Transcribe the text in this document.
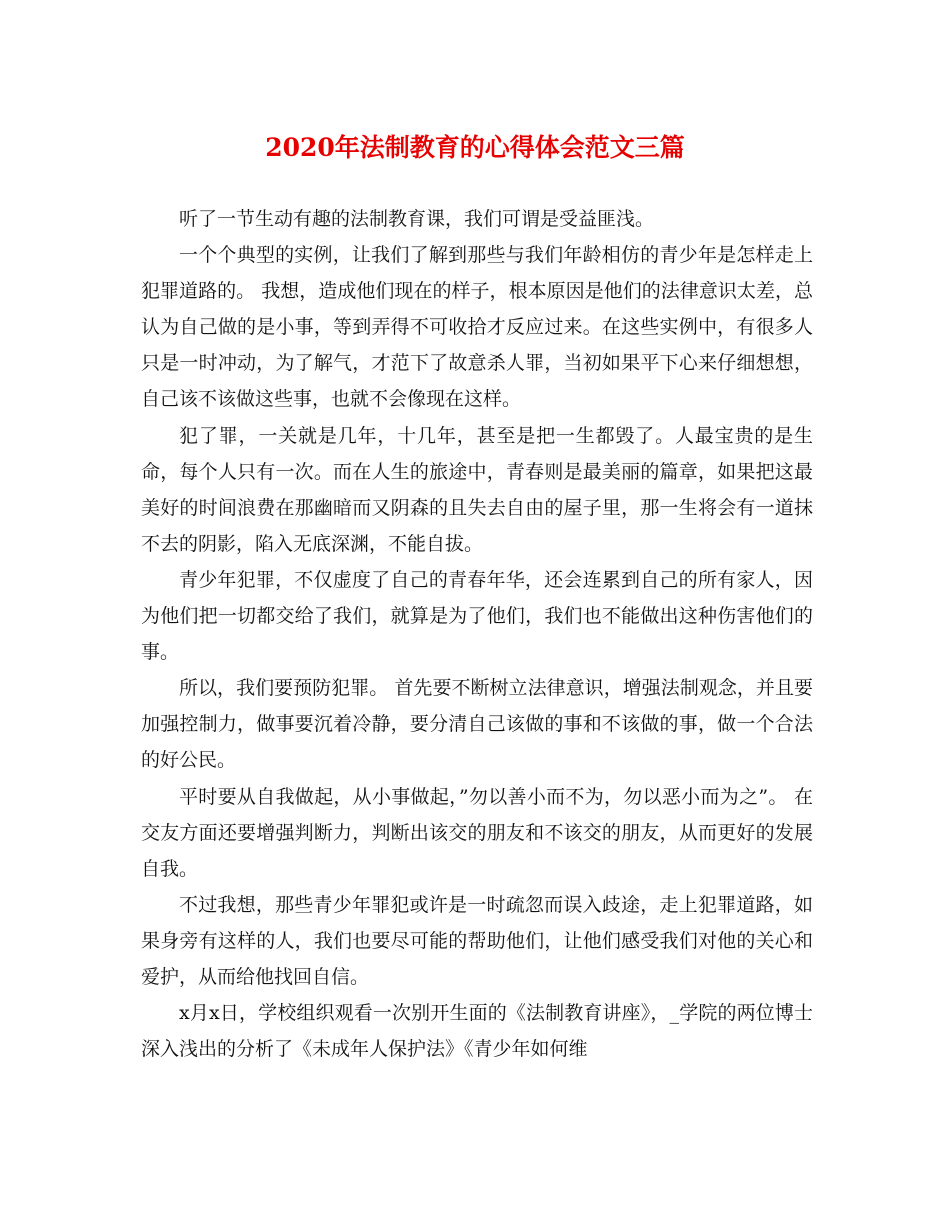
2020年法制教育的心得体会范文三篇

听了一节生动有趣的法制教育课，我们可谓是受益匪浅。

一个个典型的实例，让我们了解到那些与我们年龄相仿的青少年是怎样走上犯罪道路的。 我想，造成他们现在的样子，根本原因是他们的法律意识太差，总认为自己做的是小事，等到弄得不可收拾才反应过来。在这些实例中，有很多人只是一时冲动，为了解气，才范下了故意杀人罪，当初如果平下心来仔细想想，自己该不该做这些事，也就不会像现在这样。

犯了罪，一关就是几年，十几年，甚至是把一生都毁了。人最宝贵的是生命，每个人只有一次。而在人生的旅途中，青春则是最美丽的篇章，如果把这最美好的时间浪费在那幽暗而又阴森的且失去自由的屋子里，那一生将会有一道抹不去的阴影，陷入无底深渊，不能自拔。

青少年犯罪，不仅虚度了自己的青春年华，还会连累到自己的所有家人，因为他们把一切都交给了我们，就算是为了他们，我们也不能做出这种伤害他们的事。

所以，我们要预防犯罪。 首先要不断树立法律意识，增强法制观念，并且要加强控制力，做事要沉着冷静，要分清自己该做的事和不该做的事，做一个合法的好公民。

平时要从自我做起，从小事做起，”勿以善小而不为，勿以恶小而为之”。 在交友方面还要增强判断力，判断出该交的朋友和不该交的朋友，从而更好的发展自我。

不过我想，那些青少年罪犯或许是一时疏忽而误入歧途，走上犯罪道路，如果身旁有这样的人，我们也要尽可能的帮助他们，让他们感受我们对他的关心和爱护，从而给他找回自信。

x月x日，学校组织观看一次别开生面的《法制教育讲座》，_学院的两位博士深入浅出的分析了《未成年人保护法》《青少年如何维
